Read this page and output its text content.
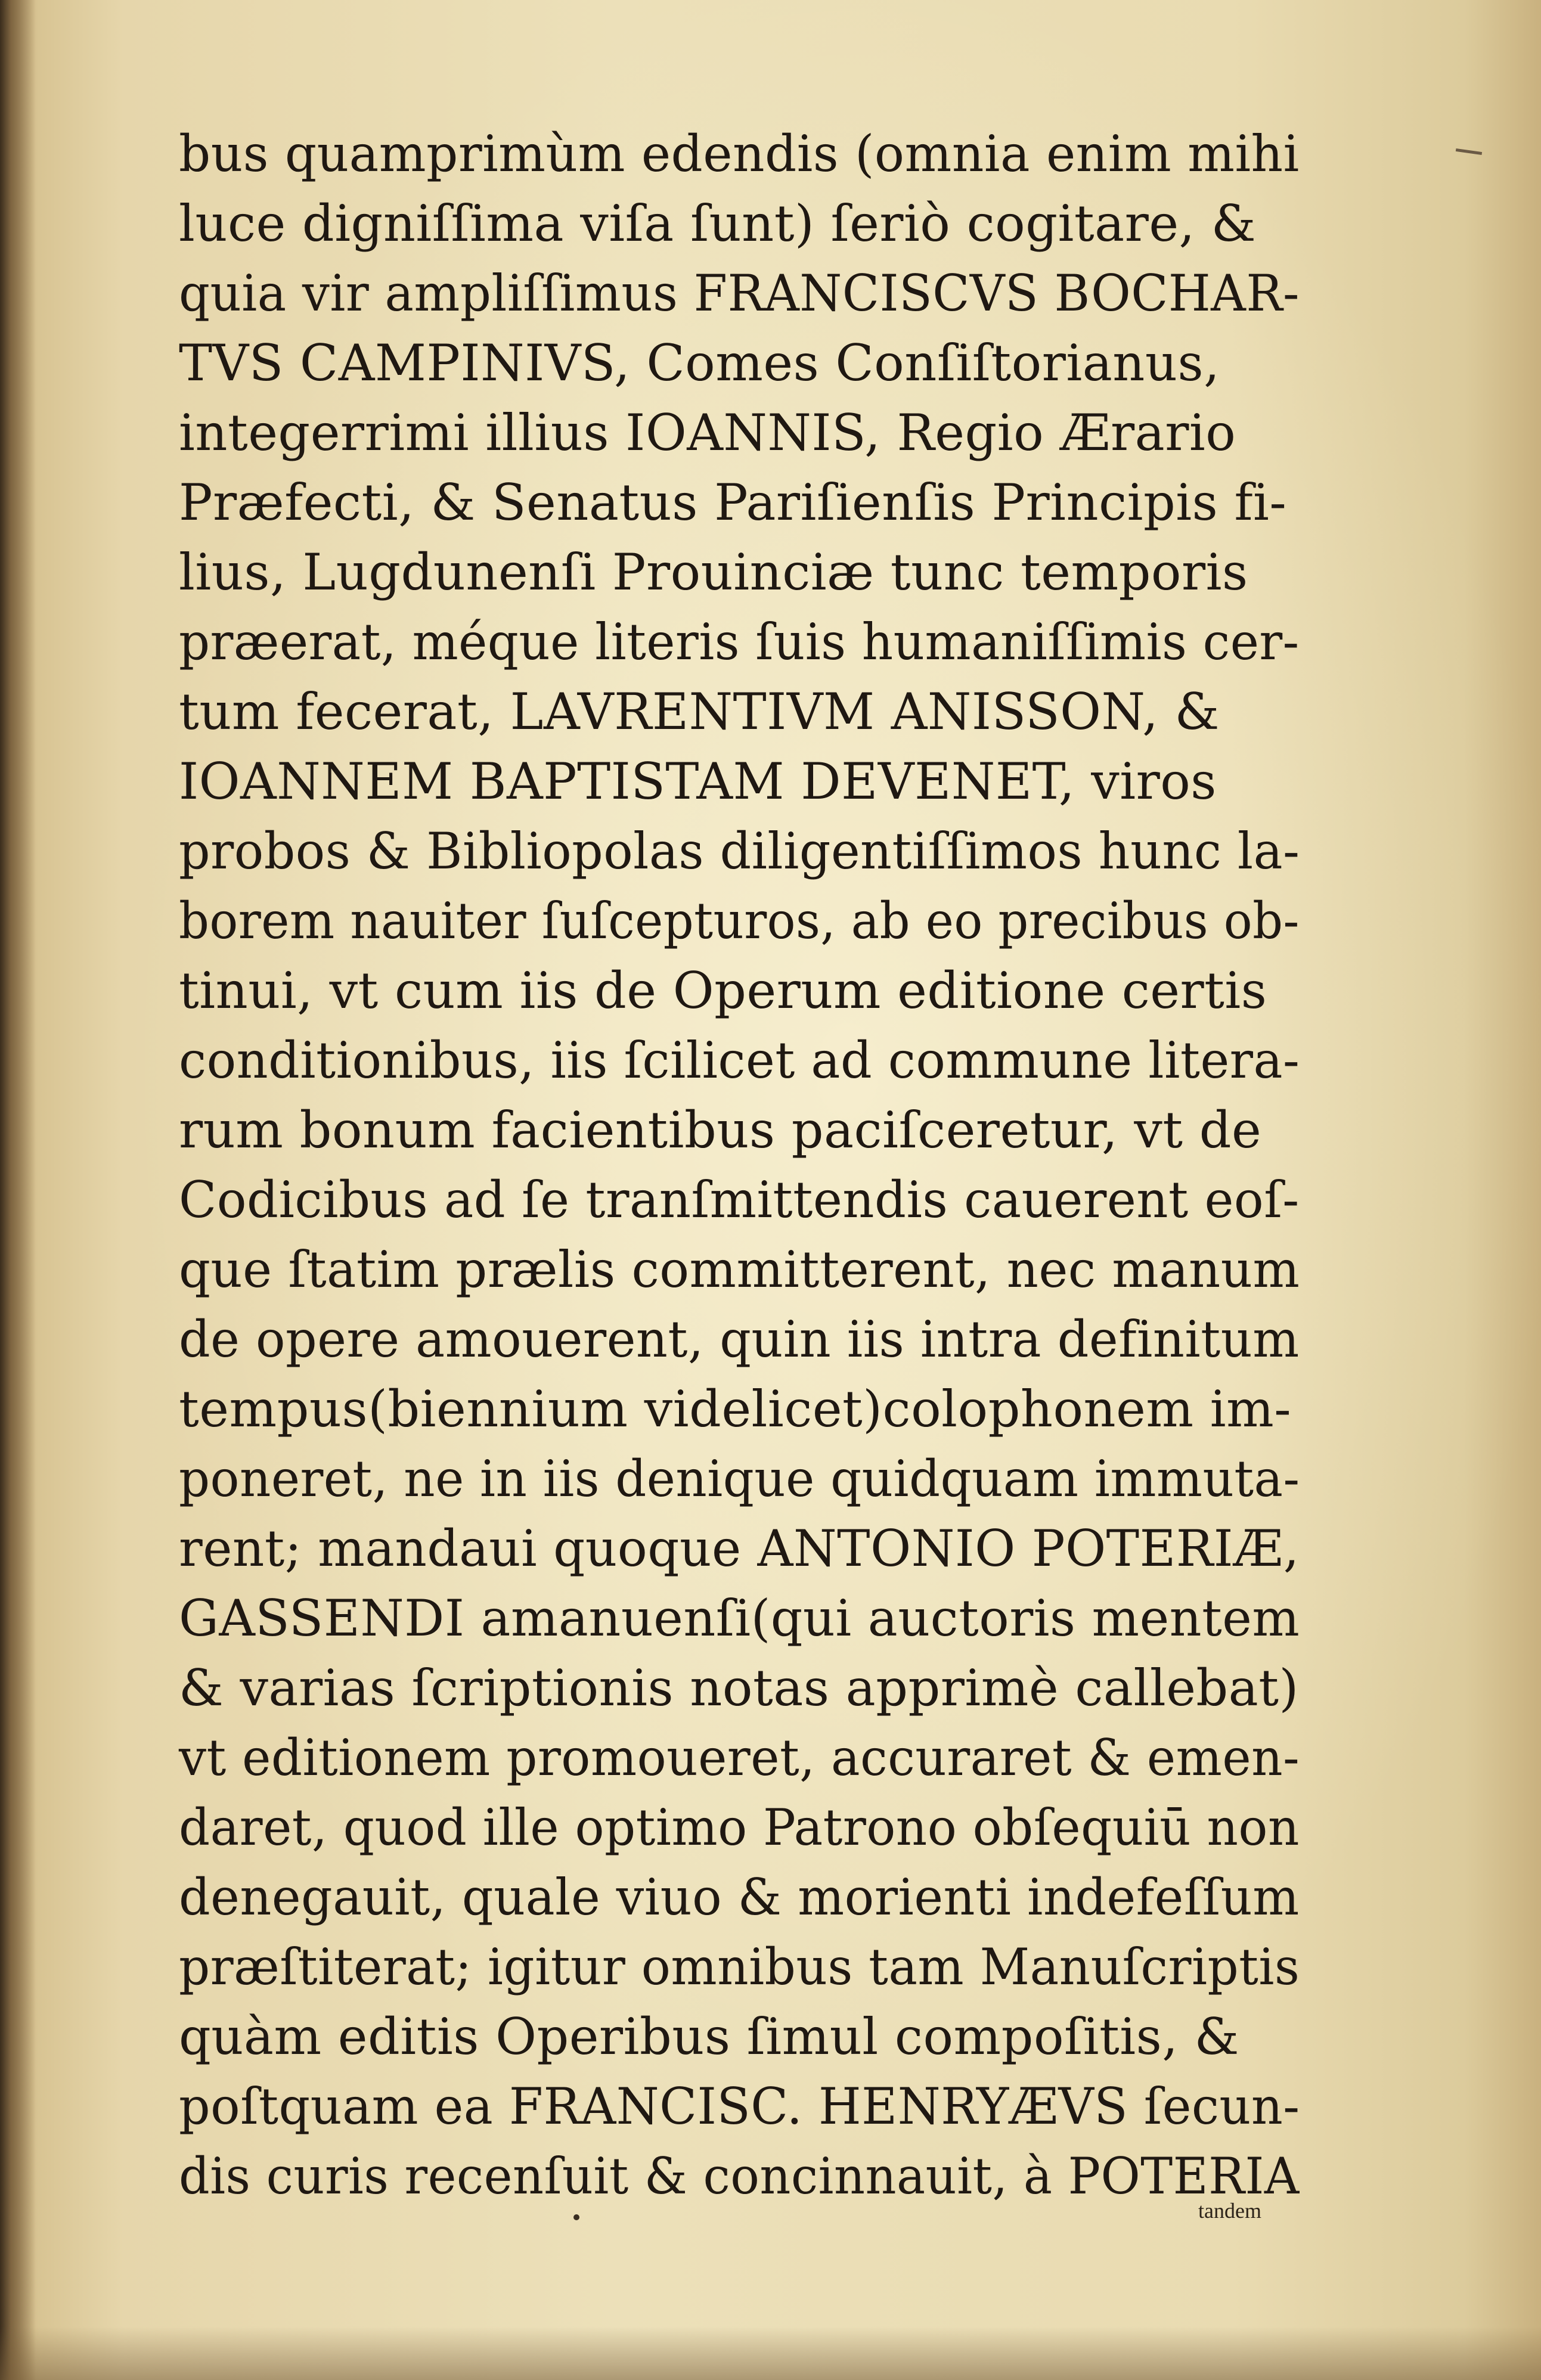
bus quamprimùm edendis (omnia enim mihi
luce digniſſima viſa ſunt) ſeriò cogitare, &
quia vir ampliſſimus FRANCISCVS BOCHAR-
TVS CAMPINIVS, Comes Conſiſtorianus,
integerrimi illius IOANNIS, Regio Ærario
Præfecti, & Senatus Pariſienſis Principis fi-
lius, Lugdunenſi Prouinciæ tunc temporis
præerat, méque literis ſuis humaniſſimis cer-
tum fecerat, LAVRENTIVM ANISSON, &
IOANNEM BAPTISTAM DEVENET, viros
probos & Bibliopolas diligentiſſimos hunc la-
borem nauiter ſuſcepturos, ab eo precibus ob-
tinui, vt cum iis de Operum editione certis
conditionibus, iis ſcilicet ad commune litera-
rum bonum facientibus paciſceretur, vt de
Codicibus ad ſe tranſmittendis cauerent eoſ-
que ſtatim prælis committerent, nec manum
de opere amouerent, quin iis intra definitum
tempus(biennium videlicet)colophonem im-
poneret, ne in iis denique quidquam immuta-
rent; mandaui quoque ANTONIO POTERIÆ,
GASSENDI amanuenſi(qui auctoris mentem
& varias ſcriptionis notas apprimè callebat)
vt editionem promoueret, accuraret & emen-
daret, quod ille optimo Patrono obſequiū non
denegauit, quale viuo & morienti indefeſſum
præſtiterat; igitur omnibus tam Manuſcriptis
quàm editis Operibus ſimul compoſitis, &
poſtquam ea FRANCISC. HENRYÆVS ſecun-
dis curis recenſuit & concinnauit, à POTERIA
tandem
